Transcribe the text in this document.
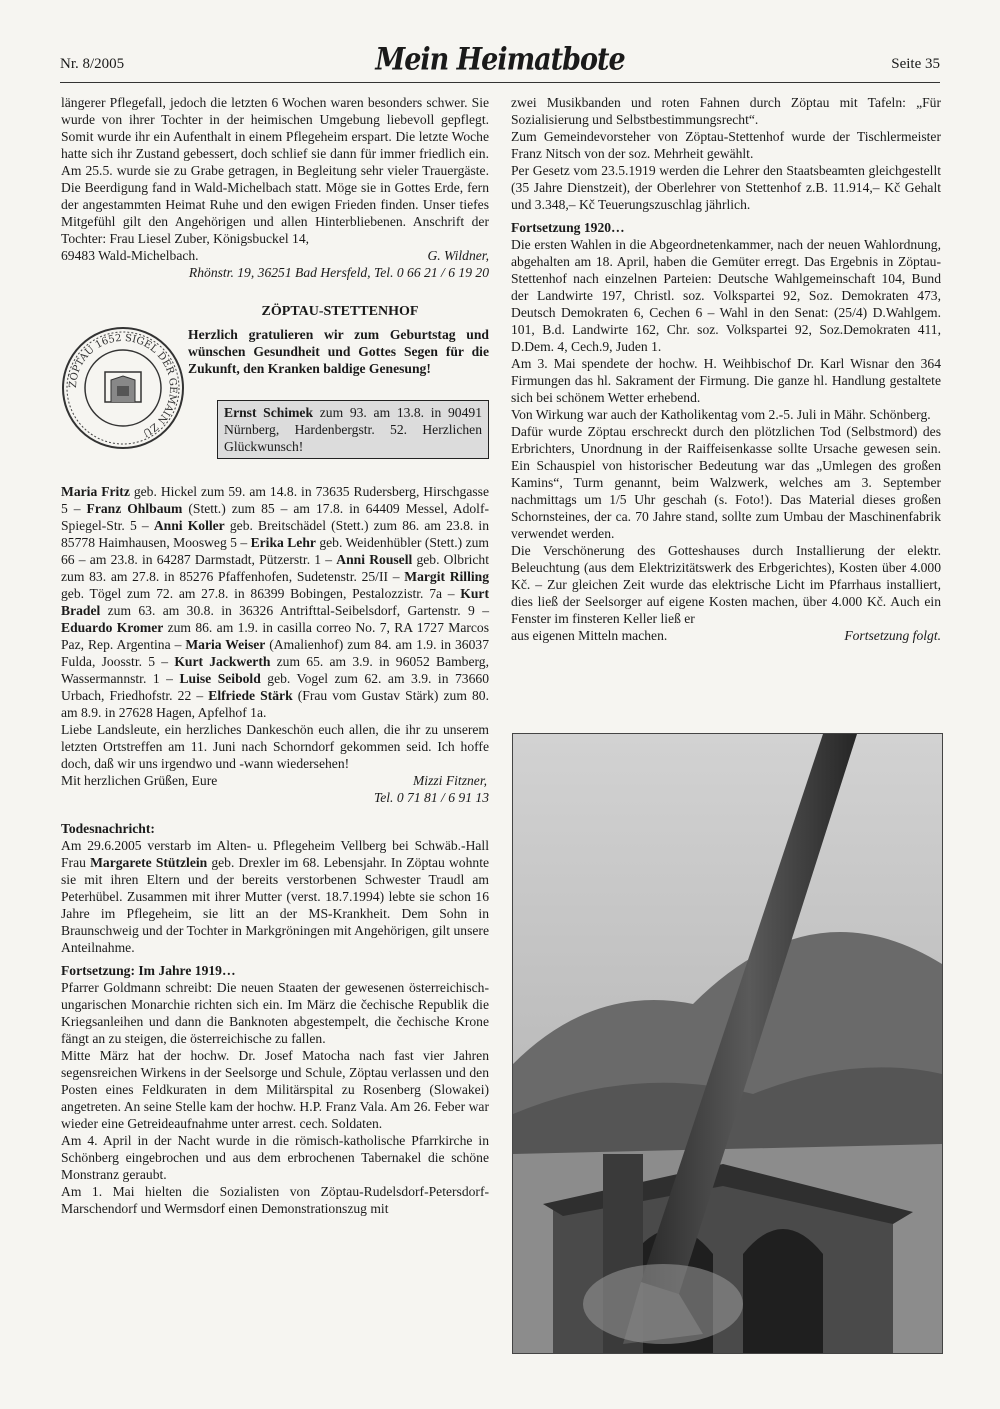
Nr. 8/2005	Mein Heimatbote	Seite 35

längerer Pflegefall, jedoch die letzten 6 Wochen waren besonders schwer. Sie wurde von ihrer Tochter in der heimischen Umgebung liebevoll gepflegt. Somit wurde ihr ein Aufenthalt in einem Pflegeheim erspart. Die letzte Woche hatte sich ihr Zustand gebessert, doch schlief sie dann für immer friedlich ein. Am 25.5. wurde sie zu Grabe getragen, in Begleitung sehr vieler Trauergäste. Die Beerdigung fand in Wald-Michelbach statt. Möge sie in Gottes Erde, fern der angestammten Heimat Ruhe und den ewigen Frieden finden. Unser tiefes Mitgefühl gilt den Angehörigen und allen Hinterbliebenen. Anschrift der Tochter: Frau Liesel Zuber, Königsbuckel 14,

69483 Wald-Michelbach.	G. Wildner,

Rhönstr. 19, 36251 Bad Hersfeld, Tel. 0 66 21 / 6 19 20

ZÖPTAU-STETTENHOF

ZÖPTAU 1652 SIGEL DER GEMAIN ZU
Herzlich gratulieren wir zum Geburtstag und wünschen Gesundheit und Gottes Segen für die Zukunft, den Kranken baldige Genesung!
Ernst Schimek zum 93. am 13.8. in 90491 Nürnberg, Hardenbergstr. 52. Herzlichen Glückwunsch!

Maria Fritz geb. Hickel zum 59. am 14.8. in 73635 Rudersberg, Hirschgasse 5 – Franz Ohlbaum (Stett.) zum 85 – am 17.8. in 64409 Messel, Adolf-Spiegel-Str. 5 – Anni Koller geb. Breitschädel (Stett.) zum 86. am 23.8. in 85778 Haimhausen, Moosweg 5 – Erika Lehr geb. Weidenhübler (Stett.) zum 66 – am 23.8. in 64287 Darmstadt, Pützerstr. 1 – Anni Rousell geb. Olbricht zum 83. am 27.8. in 85276 Pfaffenhofen, Sudetenstr. 25/II – Margit Rilling geb. Tögel zum 72. am 27.8. in 86399 Bobingen, Pestalozzistr. 7a – Kurt Bradel zum 63. am 30.8. in 36326 Antrifttal-Seibelsdorf, Gartenstr. 9 – Eduardo Kromer zum 86. am 1.9. in casilla correo No. 7, RA 1727 Marcos Paz, Rep. Argentina – Maria Weiser (Amalienhof) zum 84. am 1.9. in 36037 Fulda, Joosstr. 5 – Kurt Jackwerth zum 65. am 3.9. in 96052 Bamberg, Wassermannstr. 1 – Luise Seibold geb. Vogel zum 62. am 3.9. in 73660 Urbach, Friedhofstr. 22 – Elfriede Stärk (Frau vom Gustav Stärk) zum 80. am 8.9. in 27628 Hagen, Apfelhof 1a.

Liebe Landsleute, ein herzliches Dankeschön euch allen, die ihr zu unserem letzten Ortstreffen am 11. Juni nach Schorndorf gekommen seid. Ich hoffe doch, daß wir uns irgendwo und -wann wiedersehen!

Mit herzlichen Grüßen, Eure	Mizzi Fitzner,

Tel. 0 71 81 / 6 91 13

Todesnachricht:

Am 29.6.2005 verstarb im Alten- u. Pflegeheim Vellberg bei Schwäb.-Hall Frau Margarete Stützlein geb. Drexler im 68. Lebensjahr. In Zöptau wohnte sie mit ihren Eltern und der bereits verstorbenen Schwester Traudl am Peterhübel. Zusammen mit ihrer Mutter (verst. 18.7.1994) lebte sie schon 16 Jahre im Pflegeheim, sie litt an der MS-Krankheit. Dem Sohn in Braunschweig und der Tochter in Markgröningen mit Angehörigen, gilt unsere Anteilnahme.

Fortsetzung: Im Jahre 1919…

Pfarrer Goldmann schreibt: Die neuen Staaten der gewesenen österreichisch-ungarischen Monarchie richten sich ein. Im März die čechische Republik die Kriegsanleihen und dann die Banknoten abgestempelt, die čechische Krone fängt an zu steigen, die österreichische zu fallen.

Mitte März hat der hochw. Dr. Josef Matocha nach fast vier Jahren segensreichen Wirkens in der Seelsorge und Schule, Zöptau verlassen und den Posten eines Feldkuraten in dem Militärspital zu Rosenberg (Slowakei) angetreten. An seine Stelle kam der hochw. H.P. Franz Vala. Am 26. Feber war wieder eine Getreideaufnahme unter arrest. cech. Soldaten.

Am 4. April in der Nacht wurde in die römisch-katholische Pfarrkirche in Schönberg eingebrochen und aus dem erbrochenen Tabernakel die schöne Monstranz geraubt.

Am 1. Mai hielten die Sozialisten von Zöptau-Rudelsdorf-Petersdorf-Marschendorf und Wermsdorf einen Demonstrationszug mit

zwei Musikbanden und roten Fahnen durch Zöptau mit Tafeln: „Für Sozialisierung und Selbstbestimmungsrecht“.

Zum Gemeindevorsteher von Zöptau-Stettenhof wurde der Tischlermeister Franz Nitsch von der soz. Mehrheit gewählt.

Per Gesetz vom 23.5.1919 werden die Lehrer den Staatsbeamten gleichgestellt (35 Jahre Dienstzeit), der Oberlehrer von Stettenhof z.B. 11.914,– Kč Gehalt und 3.348,– Kč Teuerungszuschlag jährlich.

Fortsetzung 1920…

Die ersten Wahlen in die Abgeordnetenkammer, nach der neuen Wahlordnung, abgehalten am 18. April, haben die Gemüter erregt. Das Ergebnis in Zöptau-Stettenhof nach einzelnen Parteien: Deutsche Wahlgemeinschaft 104, Bund der Landwirte 197, Christl. soz. Volkspartei 92, Soz. Demokraten 473, Deutsch Demokraten 6, Cechen 6 – Wahl in den Senat: (25/4) D.Wahlgem. 101, B.d. Landwirte 162, Chr. soz. Volkspartei 92, Soz.Demokraten 411, D.Dem. 4, Cech.9, Juden 1.

Am 3. Mai spendete der hochw. H. Weihbischof Dr. Karl Wisnar den 364 Firmungen das hl. Sakrament der Firmung. Die ganze hl. Handlung gestaltete sich bei schönem Wetter erhebend.

Von Wirkung war auch der Katholikentag vom 2.-5. Juli in Mähr. Schönberg.

Dafür wurde Zöptau erschreckt durch den plötzlichen Tod (Selbstmord) des Erbrichters, Unordnung in der Raiffeisenkasse sollte Ursache gewesen sein. Ein Schauspiel von historischer Bedeutung war das „Umlegen des großen Kamins“, Turm genannt, beim Walzwerk, welches am 3. September nachmittags um 1/5 Uhr geschah (s. Foto!). Das Material dieses großen Schornsteines, der ca. 70 Jahre stand, sollte zum Umbau der Maschinenfabrik verwendet werden.

Die Verschönerung des Gotteshauses durch Installierung der elektr. Beleuchtung (aus dem Elektrizitätswerk des Erbgerichtes), Kosten über 4.000 Kč. – Zur gleichen Zeit wurde das elektrische Licht im Pfarrhaus installiert, dies ließ der Seelsorger auf eigene Kosten machen, über 4.000 Kč. Auch ein Fenster im finsteren Keller ließ er

aus eigenen Mitteln machen.	Fortsetzung folgt.
